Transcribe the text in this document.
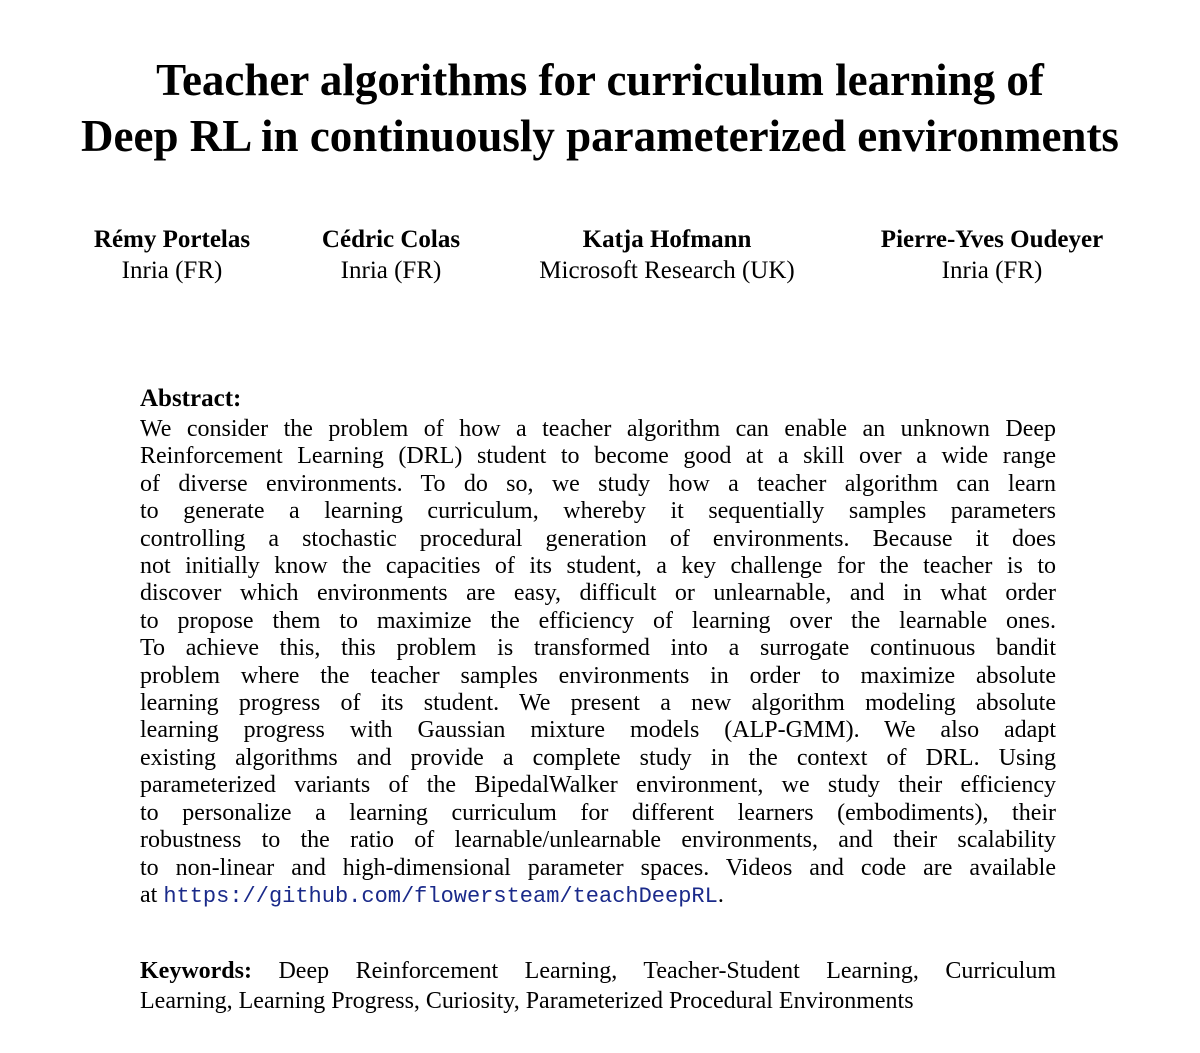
Teacher algorithms for curriculum learning of
Deep RL in continuously parameterized environments
Rémy Portelas
Inria (FR)
Cédric Colas
Inria (FR)
Katja Hofmann
Microsoft Research (UK)
Pierre-Yves Oudeyer
Inria (FR)
Abstract:
We consider the problem of how a teacher algorithm can enable an unknown Deep
Reinforcement Learning (DRL) student to become good at a skill over a wide range
of diverse environments. To do so, we study how a teacher algorithm can learn
to generate a learning curriculum, whereby it sequentially samples parameters
controlling a stochastic procedural generation of environments. Because it does
not initially know the capacities of its student, a key challenge for the teacher is to
discover which environments are easy, difficult or unlearnable, and in what order
to propose them to maximize the efficiency of learning over the learnable ones.
To achieve this, this problem is transformed into a surrogate continuous bandit
problem where the teacher samples environments in order to maximize absolute
learning progress of its student. We present a new algorithm modeling absolute
learning progress with Gaussian mixture models (ALP-GMM). We also adapt
existing algorithms and provide a complete study in the context of DRL. Using
parameterized variants of the BipedalWalker environment, we study their efficiency
to personalize a learning curriculum for different learners (embodiments), their
robustness to the ratio of learnable/unlearnable environments, and their scalability
to non-linear and high-dimensional parameter spaces. Videos and code are available
at https://github.com/flowersteam/teachDeepRL.
Keywords: Deep Reinforcement Learning, Teacher-Student Learning, Curriculum
Learning, Learning Progress, Curiosity, Parameterized Procedural Environments
